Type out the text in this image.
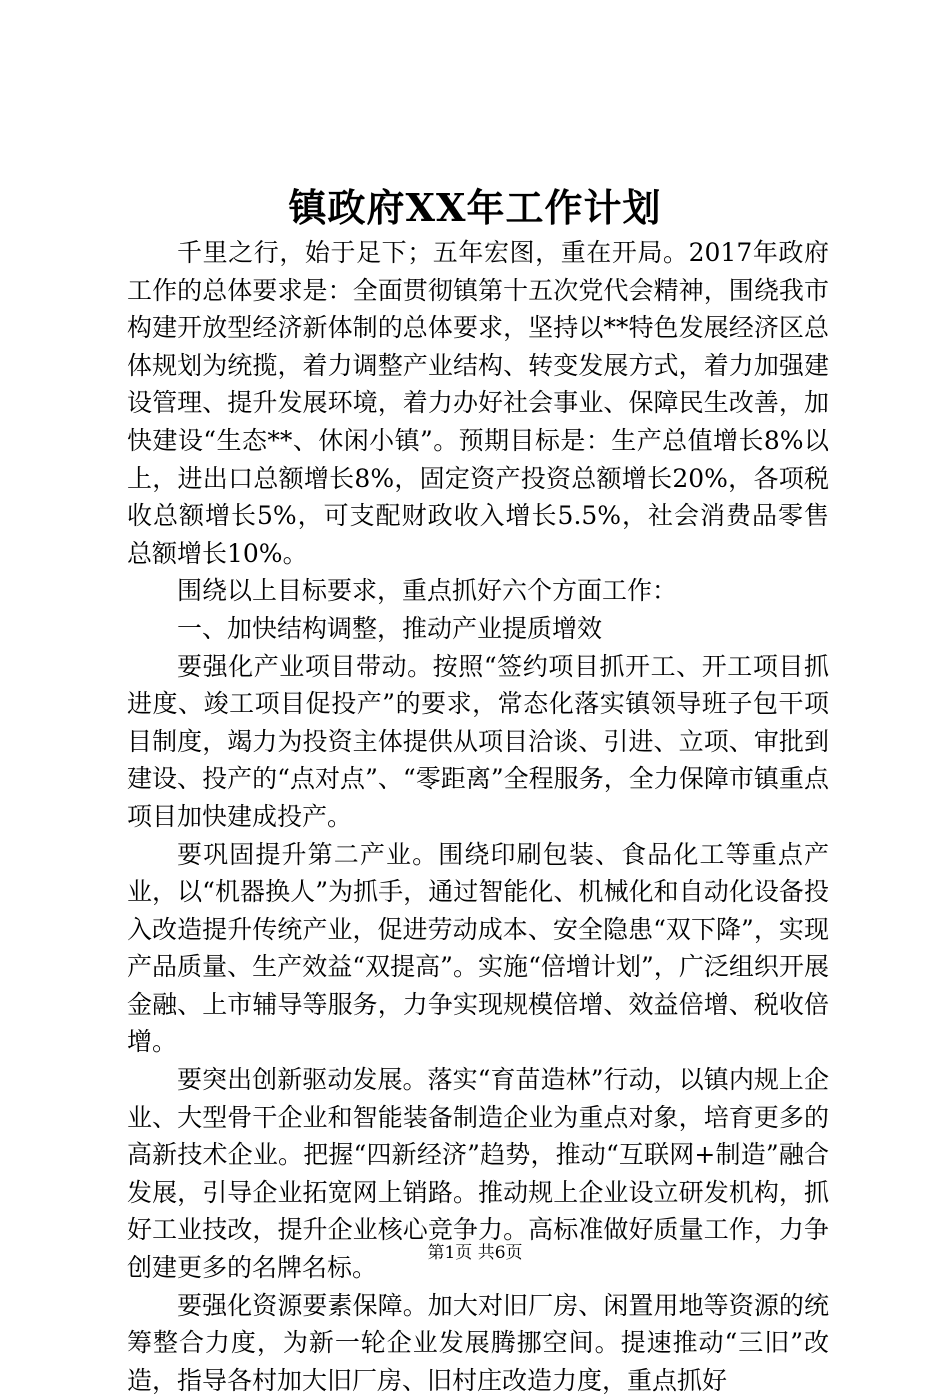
镇政府XX年工作计划

千里之行，始于足下；五年宏图，重在开局。2017年政府工作的总体要求是：全面贯彻镇第十五次党代会精神，围绕我市构建开放型经济新体制的总体要求，坚持以**特色发展经济区总体规划为统揽，着力调整产业结构、转变发展方式，着力加强建设管理、提升发展环境，着力办好社会事业、保障民生改善，加快建设“生态**、休闲小镇”。预期目标是：生产总值增长8%以上，进出口总额增长8%，固定资产投资总额增长20%，各项税收总额增长5%，可支配财政收入增长5.5%，社会消费品零售总额增长10%。

围绕以上目标要求，重点抓好六个方面工作：

一、加快结构调整，推动产业提质增效

要强化产业项目带动。按照“签约项目抓开工、开工项目抓进度、竣工项目促投产”的要求，常态化落实镇领导班子包干项目制度，竭力为投资主体提供从项目洽谈、引进、立项、审批到建设、投产的“点对点”、“零距离”全程服务，全力保障市镇重点项目加快建成投产。

要巩固提升第二产业。围绕印刷包装、食品化工等重点产业，以“机器换人”为抓手，通过智能化、机械化和自动化设备投入改造提升传统产业，促进劳动成本、安全隐患“双下降”，实现产品质量、生产效益“双提高”。实施“倍增计划”，广泛组织开展金融、上市辅导等服务，力争实现规模倍增、效益倍增、税收倍增。

要突出创新驱动发展。落实“育苗造林”行动，以镇内规上企业、大型骨干企业和智能装备制造企业为重点对象，培育更多的高新技术企业。把握“四新经济”趋势，推动“互联网+制造”融合发展，引导企业拓宽网上销路。推动规上企业设立研发机构，抓好工业技改，提升企业核心竞争力。高标准做好质量工作，力争创建更多的名牌名标。

要强化资源要素保障。加大对旧厂房、闲置用地等资源的统筹整合力度，为新一轮企业发展腾挪空间。提速推动“三旧”改造，指导各村加大旧厂房、旧村庄改造力度，重点抓好

第1页 共6页
